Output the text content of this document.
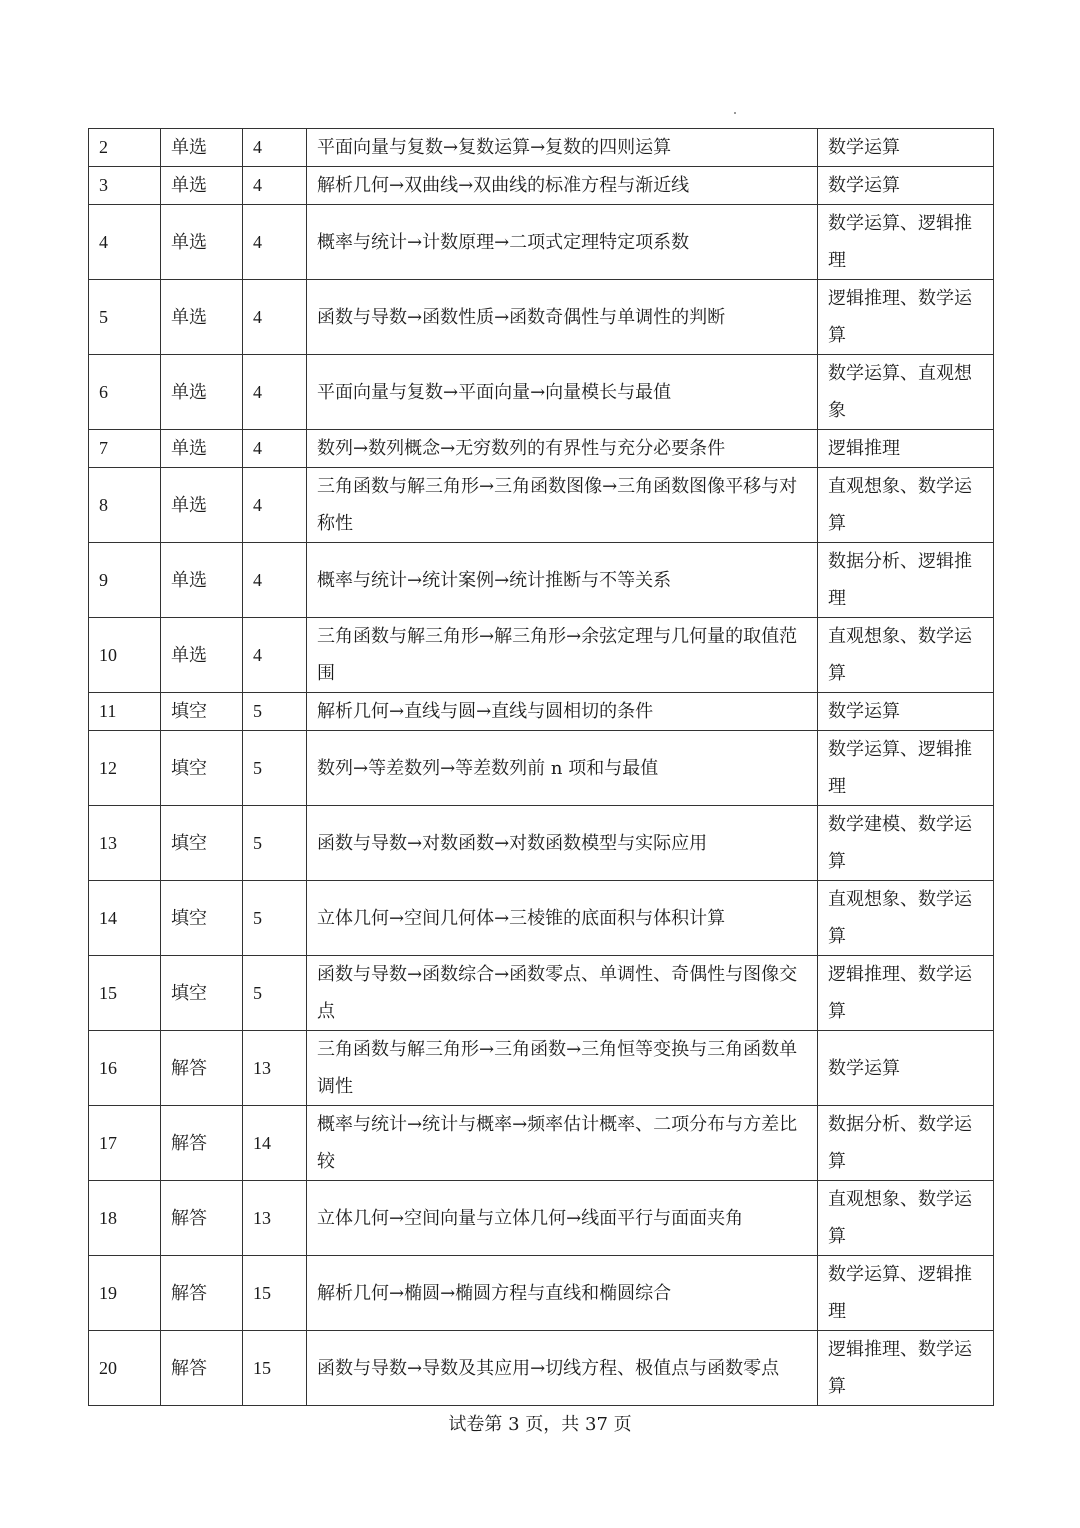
2	单选	4	平面向量与复数→复数运算→复数的四则运算	数学运算
3	单选	4	解析几何→双曲线→双曲线的标准方程与渐近线	数学运算
4	单选	4	概率与统计→计数原理→二项式定理特定项系数	数学运算、逻辑推理
5	单选	4	函数与导数→函数性质→函数奇偶性与单调性的判断	逻辑推理、数学运算
6	单选	4	平面向量与复数→平面向量→向量模长与最值	数学运算、直观想象
7	单选	4	数列→数列概念→无穷数列的有界性与充分必要条件	逻辑推理
8	单选	4	三角函数与解三角形→三角函数图像→三角函数图像平移与对称性	直观想象、数学运算
9	单选	4	概率与统计→统计案例→统计推断与不等关系	数据分析、逻辑推理
10	单选	4	三角函数与解三角形→解三角形→余弦定理与几何量的取值范围	直观想象、数学运算
11	填空	5	解析几何→直线与圆→直线与圆相切的条件	数学运算
12	填空	5	数列→等差数列→等差数列前 n 项和与最值	数学运算、逻辑推理
13	填空	5	函数与导数→对数函数→对数函数模型与实际应用	数学建模、数学运算
14	填空	5	立体几何→空间几何体→三棱锥的底面积与体积计算	直观想象、数学运算
15	填空	5	函数与导数→函数综合→函数零点、单调性、奇偶性与图像交点	逻辑推理、数学运算
16	解答	13	三角函数与解三角形→三角函数→三角恒等变换与三角函数单调性	数学运算
17	解答	14	概率与统计→统计与概率→频率估计概率、二项分布与方差比较	数据分析、数学运算
18	解答	13	立体几何→空间向量与立体几何→线面平行与面面夹角	直观想象、数学运算
19	解答	15	解析几何→椭圆→椭圆方程与直线和椭圆综合	数学运算、逻辑推理
20	解答	15	函数与导数→导数及其应用→切线方程、极值点与函数零点	逻辑推理、数学运算
试卷第 3 页，共 37 页
